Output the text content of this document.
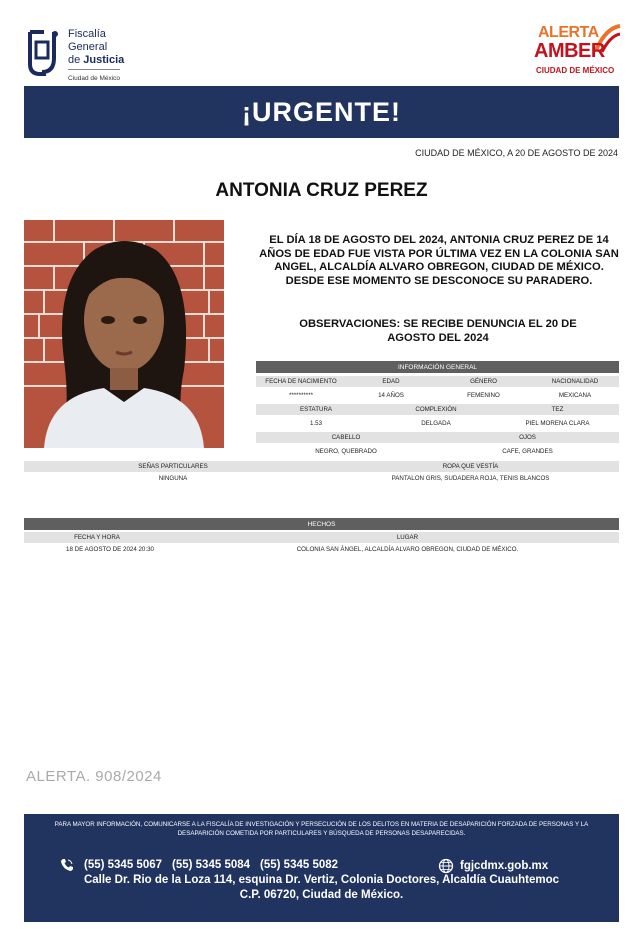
Fiscalía
General
de Justicia
Ciudad de México
ALERTA
AMBER
CIUDAD DE MÉXICO
¡URGENTE!
CIUDAD DE MÉXICO, A 20 DE AGOSTO DE 2024
ANTONIA CRUZ PEREZ
EL DÍA 18 DE AGOSTO DEL 2024, ANTONIA CRUZ PEREZ DE 14 AÑOS DE EDAD FUE VISTA POR ÚLTIMA VEZ EN LA COLONIA SAN ANGEL, ALCALDÍA ALVARO OBREGON, CIUDAD DE MÉXICO. DESDE ESE MOMENTO SE DESCONOCE SU PARADERO.
OBSERVACIONES: SE RECIBE DENUNCIA EL 20 DE AGOSTO DEL 2024
INFORMACIÓN GENERAL
FECHA DE NACIMIENTO	EDAD	GÉNERO	NACIONALIDAD
**********	14 AÑOS	FEMENINO	MEXICANA
ESTATURA	COMPLEXIÓN	TEZ
1.53	DELGADA	PIEL MORENA CLARA
CABELLO	OJOS
NEGRO, QUEBRADO	CAFE, GRANDES
SEÑAS PARTICULARES	ROPA QUE VESTÍA
NINGUNA	PANTALON GRIS, SUDADERA ROJA, TENIS BLANCOS
HECHOS
FECHA Y HORA	LUGAR
18 DE AGOSTO DE 2024 20:30	COLONIA SAN ÁNGEL, ALCALDÍA ALVARO OBREGON, CIUDAD DE MÉXICO.
ALERTA. 908/2024
PARA MAYOR INFORMACIÓN, COMUNICARSE A LA FISCALÍA DE INVESTIGACIÓN Y PERSECUCIÓN DE LOS DELITOS EN MATERIA DE DESAPARICIÓN FORZADA DE PERSONAS Y LA DESAPARICIÓN COMETIDA POR PARTICULARES Y BÚSQUEDA DE PERSONAS DESAPARECIDAS.
(55) 5345 5067 (55) 5345 5084 (55) 5345 5082	fgjcdmx.gob.mx
Calle Dr. Rio de la Loza 114, esquina Dr. Vertiz, Colonia Doctores, Alcaldía Cuauhtemoc
C.P. 06720, Ciudad de México.
